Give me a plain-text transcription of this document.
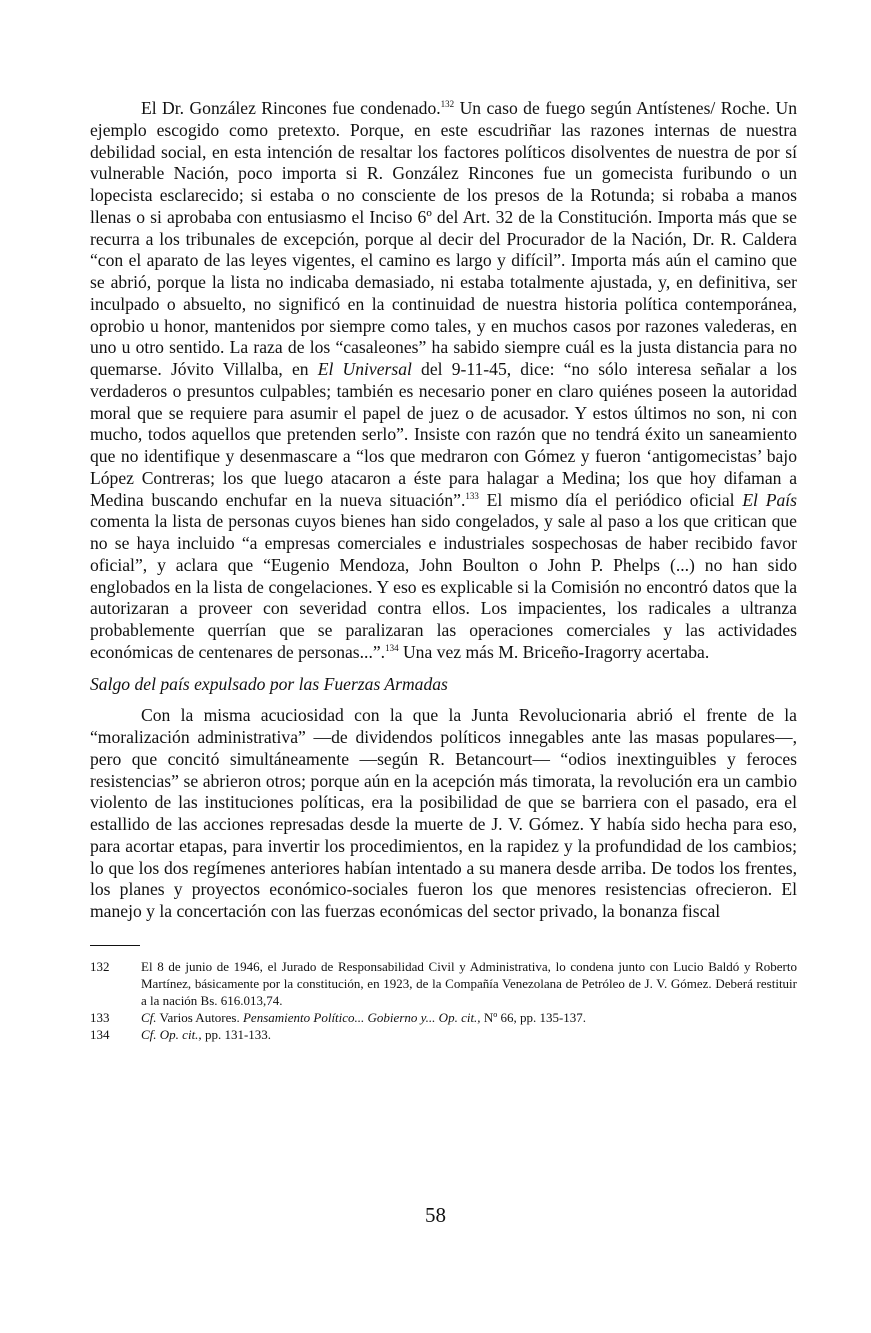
El Dr. González Rincones fue condenado.$^{132}$ Un caso de fuego según Antístenes/ Roche. Un ejemplo escogido como pretexto. Porque, en este escudriñar las razones internas de nuestra debilidad social, en esta intención de resaltar los factores políticos disolventes de nuestra de por sí vulnerable Nación, poco importa si R. González Rincones fue un gomecista furibundo o un lopecista esclarecido; si estaba o no consciente de los presos de la Rotunda; si robaba a manos llenas o si aprobaba con entusiasmo el Inciso 6º del Art. 32 de la Constitución. Importa más que se recurra a los tribunales de excepción, porque al decir del Procurador de la Nación, Dr. R. Caldera “con el aparato de las leyes vigentes, el camino es largo y difícil”. Importa más aún el camino que se abrió, porque la lista no indicaba demasiado, ni estaba totalmente ajustada, y, en definitiva, ser inculpado o absuelto, no significó en la continuidad de nuestra historia política contemporánea, oprobio u honor, mantenidos por siempre como tales, y en muchos casos por razones valederas, en uno u otro sentido. La raza de los “casaleones” ha sabido siempre cuál es la justa distancia para no quemarse. Jóvito Villalba, en El Universal del 9-11-45, dice: “no sólo interesa señalar a los verdaderos o presuntos culpables; también es necesario poner en claro quiénes poseen la autoridad moral que se requiere para asumir el papel de juez o de acusador. Y estos últimos no son, ni con mucho, todos aquellos que pretenden serlo”. Insiste con razón que no tendrá éxito un saneamiento que no identifique y desenmascare a “los que medraron con Gómez y fueron ‘antigomecistas’ bajo López Contreras; los que luego atacaron a éste para halagar a Medina; los que hoy difaman a Medina buscando enchufar en la nueva situación”.$^{133}$ El mismo día el periódico oficial El País comenta la lista de personas cuyos bienes han sido congelados, y sale al paso a los que critican que no se haya incluido “a empresas comerciales e industriales sospechosas de haber recibido favor oficial”, y aclara que “Eugenio Mendoza, John Boulton o John P. Phelps (...) no han sido englobados en la lista de congelaciones. Y eso es explicable si la Comisión no encontró datos que la autorizaran a proveer con severidad contra ellos. Los impacientes, los radicales a ultranza probablemente querrían que se paralizaran las operaciones comerciales y las actividades económicas de centenares de personas...”.$^{134}$ Una vez más M. Briceño-Iragorry acertaba.

Salgo del país expulsado por las Fuerzas Armadas

Con la misma acuciosidad con la que la Junta Revolucionaria abrió el frente de la “moralización administrativa” —de dividendos políticos innegables ante las masas populares—, pero que concitó simultáneamente —según R. Betancourt— “odios inextinguibles y feroces resistencias” se abrieron otros; porque aún en la acepción más timorata, la revolución era un cambio violento de las instituciones políticas, era la posibilidad de que se barriera con el pasado, era el estallido de las acciones represadas desde la muerte de J. V. Gómez. Y había sido hecha para eso, para acortar etapas, para invertir los procedimientos, en la rapidez y la profundidad de los cambios; lo que los dos regímenes anteriores habían intentado a su manera desde arriba. De todos los frentes, los planes y proyectos económico-sociales fueron los que menores resistencias ofrecieron. El manejo y la concertación con las fuerzas económicas del sector privado, la bonanza fiscal

132	El 8 de junio de 1946, el Jurado de Responsabilidad Civil y Administrativa, lo condena junto con Lucio Baldó y Roberto Martínez, básicamente por la constitución, en 1923, de la Compañía Venezolana de Petróleo de J. V. Gómez. Deberá restituir a la nación Bs. 616.013,74.
133	Cf. Varios Autores. Pensamiento Político... Gobierno y... Op. cit., Nº 66, pp. 135-137.
134	Cf. Op. cit., pp. 131-133.
58
